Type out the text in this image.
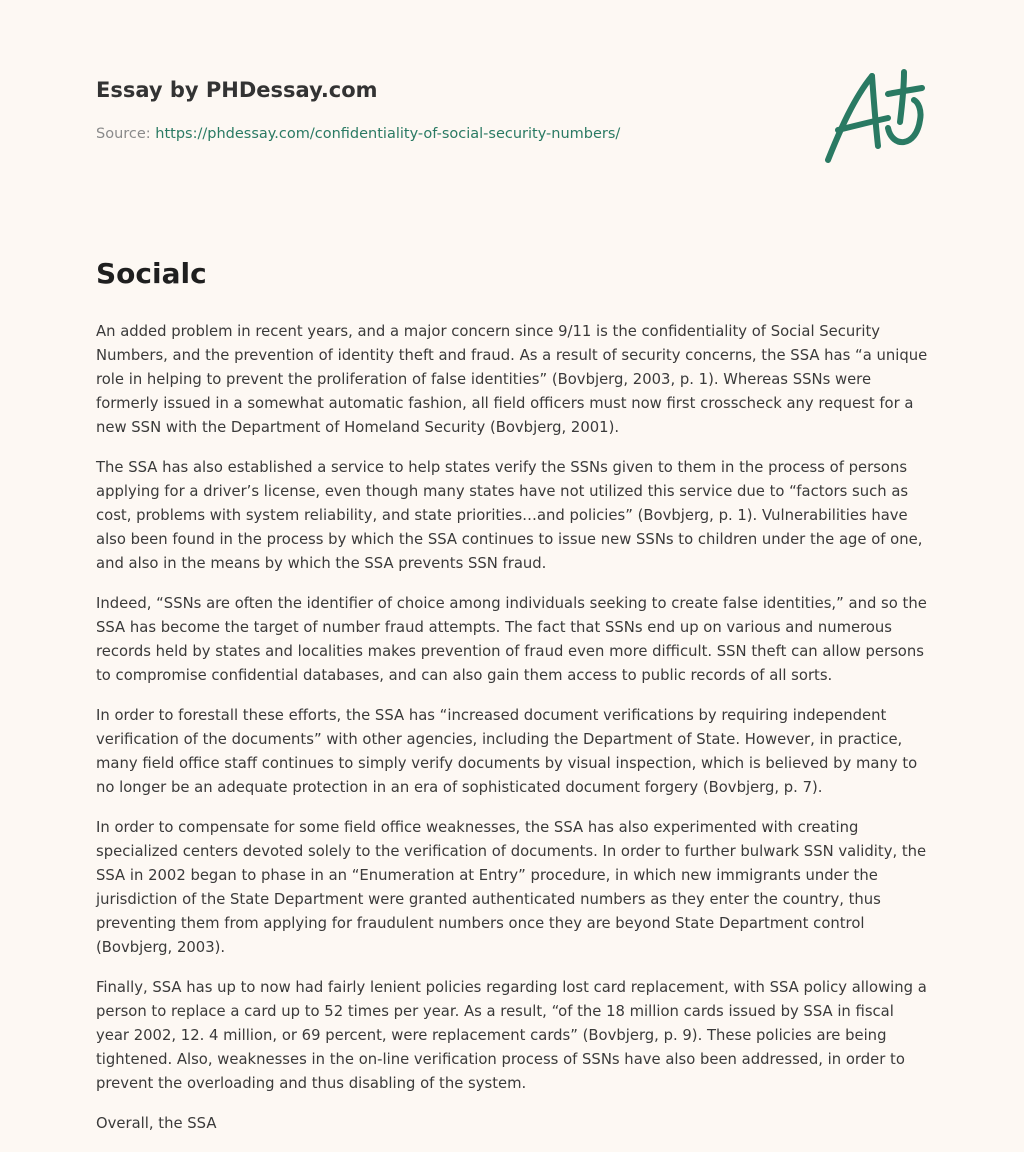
Essay by PHDessay.com
Source: https://phdessay.com/confidentiality-of-social-security-numbers/
Socialc

An added problem in recent years, and a major concern since 9/11 is the confidentiality of Social Security Numbers, and the prevention of identity theft and fraud. As a result of security concerns, the SSA has “a unique role in helping to prevent the proliferation of false identities” (Bovbjerg, 2003, p. 1). Whereas SSNs were formerly issued in a somewhat automatic fashion, all field officers must now first crosscheck any request for a new SSN with the Department of Homeland Security (Bovbjerg, 2001).

The SSA has also established a service to help states verify the SSNs given to them in the process of persons applying for a driver’s license, even though many states have not utilized this service due to “factors such as cost, problems with system reliability, and state priorities…and policies” (Bovbjerg, p. 1). Vulnerabilities have also been found in the process by which the SSA continues to issue new SSNs to children under the age of one, and also in the means by which the SSA prevents SSN fraud.

Indeed, “SSNs are often the identifier of choice among individuals seeking to create false identities,” and so the SSA has become the target of number fraud attempts. The fact that SSNs end up on various and numerous records held by states and localities makes prevention of fraud even more difficult. SSN theft can allow persons to compromise confidential databases, and can also gain them access to public records of all sorts.

In order to forestall these efforts, the SSA has “increased document verifications by requiring independent verification of the documents” with other agencies, including the Department of State. However, in practice, many field office staff continues to simply verify documents by visual inspection, which is believed by many to no longer be an adequate protection in an era of sophisticated document forgery (Bovbjerg, p. 7).

In order to compensate for some field office weaknesses, the SSA has also experimented with creating specialized centers devoted solely to the verification of documents. In order to further bulwark SSN validity, the SSA in 2002 began to phase in an “Enumeration at Entry” procedure, in which new immigrants under the jurisdiction of the State Department were granted authenticated numbers as they enter the country, thus preventing them from applying for fraudulent numbers once they are beyond State Department control (Bovbjerg, 2003).

Finally, SSA has up to now had fairly lenient policies regarding lost card replacement, with SSA policy allowing a person to replace a card up to 52 times per year. As a result, “of the 18 million cards issued by SSA in fiscal year 2002, 12. 4 million, or 69 percent, were replacement cards” (Bovbjerg, p. 9). These policies are being tightened. Also, weaknesses in the on-line verification process of SSNs have also been addressed, in order to prevent the overloading and thus disabling of the system.

Overall, the SSA
